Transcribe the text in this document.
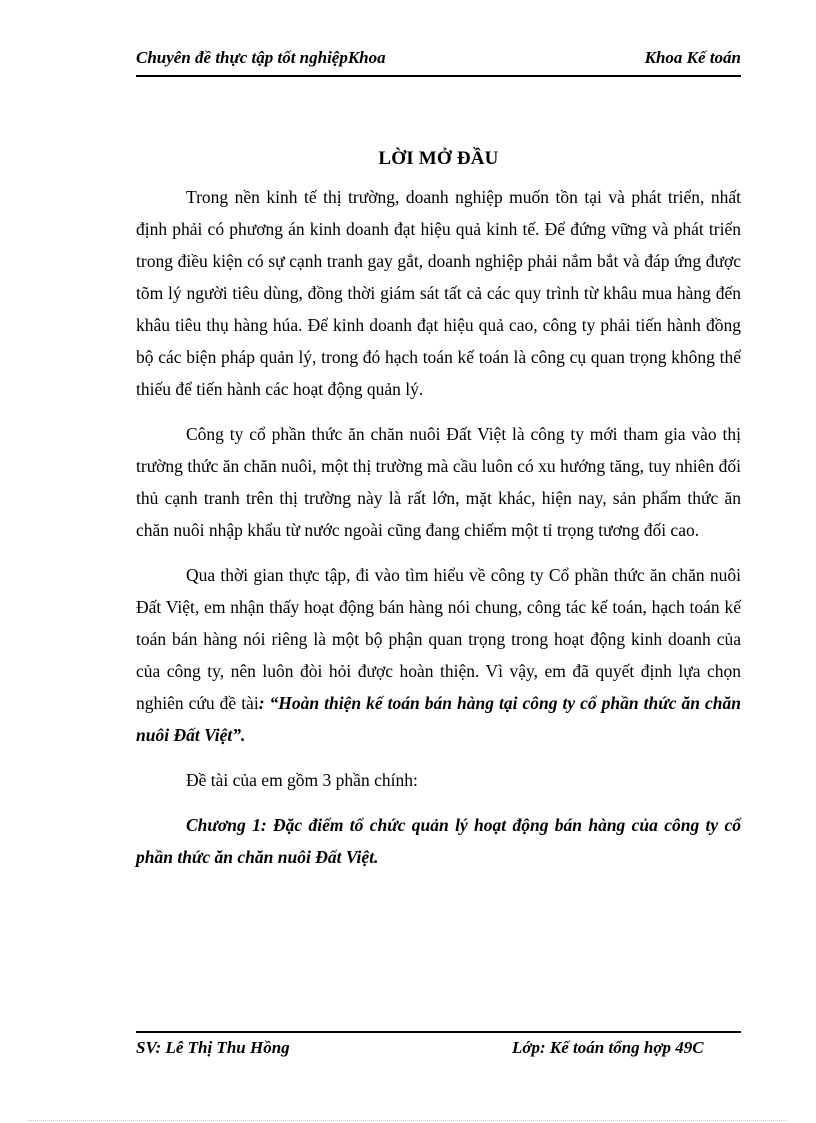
Chuyên đề thực tập tốt nghiệpKhoa	Khoa Kế toán
LỜI MỞ ĐẦU

Trong nền kinh tế thị trường, doanh nghiệp muốn tồn tại và phát triển, nhất định phải có phương án kinh doanh đạt hiệu quả kinh tế. Để đứng vững và phát triển trong điều kiện có sự cạnh tranh gay gắt, doanh nghiệp phải nắm bắt và đáp ứng được tõm lý người tiêu dùng, đồng thời giám sát tất cả các quy trình từ khâu mua hàng đến khâu tiêu thụ hàng húa. Để kinh doanh đạt hiệu quả cao, công ty phải tiến hành đồng bộ các biện pháp quản lý, trong đó hạch toán kế toán là công cụ quan trọng không thể thiếu để tiến hành các hoạt động quản lý.

Công ty cổ phần thức ăn chăn nuôi Đất Việt là công ty mới tham gia vào thị trường thức ăn chăn nuôi, một thị trường mà cầu luôn có xu hướng tăng, tuy nhiên đối thủ cạnh tranh trên thị trường này là rất lớn, mặt khác, hiện nay, sản phẩm thức ăn chăn nuôi nhập khẩu từ nước ngoài cũng đang chiếm một tỉ trọng tương đối cao.

Qua thời gian thực tập, đi vào tìm hiểu về công ty Cổ phần thức ăn chăn nuôi Đất Việt, em nhận thấy hoạt động bán hàng nói chung, công tác kế toán, hạch toán kế toán bán hàng nói riêng là một bộ phận quan trọng trong hoạt động kinh doanh của của công ty, nên luôn đòi hỏi được hoàn thiện. Vì vậy, em đã quyết định lựa chọn nghiên cứu đề tài: “Hoàn thiện kế toán bán hàng tại công ty cổ phần thức ăn chăn nuôi Đất Việt”.

Đề tài của em gồm 3 phần chính:

Chương 1: Đặc điểm tổ chức quản lý hoạt động bán hàng của công ty cổ phần thức ăn chăn nuôi Đất Việt.

SV: Lê Thị Thu Hồng	Lớp: Kế toán tổng hợp 49C
